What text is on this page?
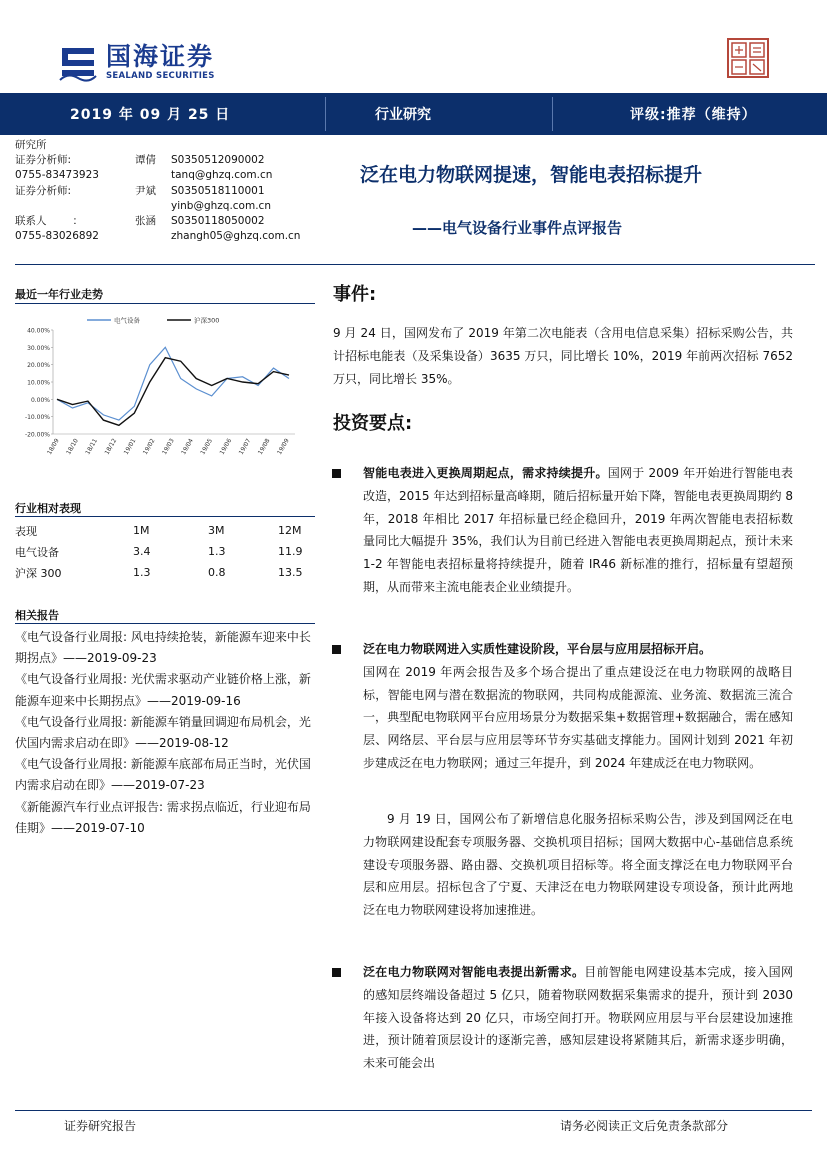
国海证券
SEALAND SECURITIES
2019 年 09 月 25 日	行业研究	评级:推荐（维持）
研究所
证券分析师:	谭倩	S0350512090002
0755-83473923	tanq@ghzq.com.cn
证券分析师:	尹斌	S0350518110001
yinb@ghzq.com.cn
联系人 ：	张涵	S0350118050002
0755-83026892	zhangh05@ghzq.com.cn
泛在电力物联网提速，智能电表招标提升
——电气设备行业事件点评报告
最近一年行业走势
40.00%
30.00%
20.00%
10.00%
0.00%
-10.00%
-20.00%
18/09 18/10 18/11 18/12 19/01 19/02 19/03 19/04 19/05 19/06 19/07 19/08 19/09
电气设备	沪深300
行业相对表现
表现	1M	3M	12M
电气设备	3.4	1.3	11.9
沪深 300	1.3	0.8	13.5
相关报告
《电气设备行业周报: 风电持续抢装，新能源车迎来中长期拐点》——2019-09-23
《电气设备行业周报: 光伏需求驱动产业链价格上涨，新能源车迎来中长期拐点》——2019-09-16
《电气设备行业周报: 新能源车销量回调迎布局机会，光伏国内需求启动在即》——2019-08-12
《电气设备行业周报: 新能源车底部布局正当时，光伏国内需求启动在即》——2019-07-23
《新能源汽车行业点评报告: 需求拐点临近，行业迎布局佳期》——2019-07-10
事件:
9 月 24 日，国网发布了 2019 年第二次电能表（含用电信息采集）招标采购公告，共计招标电能表（及采集设备）3635 万只，同比增长 10%，2019 年前两次招标 7652 万只，同比增长 35%。
投资要点:
智能电表进入更换周期起点，需求持续提升。国网于 2009 年开始进行智能电表改造，2015 年达到招标量高峰期，随后招标量开始下降，智能电表更换周期约 8 年，2018 年相比 2017 年招标量已经企稳回升，2019 年两次智能电表招标数量同比大幅提升 35%，我们认为目前已经进入智能电表更换周期起点，预计未来 1-2 年智能电表招标量将持续提升，随着 IR46 新标准的推行，招标量有望超预期，从而带来主流电能表企业业绩提升。
泛在电力物联网进入实质性建设阶段，平台层与应用层招标开启。
国网在 2019 年两会报告及多个场合提出了重点建设泛在电力物联网的战略目标，智能电网与潜在数据流的物联网，共同构成能源流、业务流、数据流三流合一，典型配电物联网平台应用场景分为数据采集+数据管理+数据融合，需在感知层、网络层、平台层与应用层等环节夯实基础支撑能力。国网计划到 2021 年初步建成泛在电力物联网；通过三年提升，到 2024 年建成泛在电力物联网。
9 月 19 日，国网公布了新增信息化服务招标采购公告，涉及到国网泛在电力物联网建设配套专项服务器、交换机项目招标；国网大数据中心-基础信息系统建设专项服务器、路由器、交换机项目招标等。将全面支撑泛在电力物联网平台层和应用层。招标包含了宁夏、天津泛在电力物联网建设专项设备，预计此两地泛在电力物联网建设将加速推进。
泛在电力物联网对智能电表提出新需求。目前智能电网建设基本完成，接入国网的感知层终端设备超过 5 亿只，随着物联网数据采集需求的提升，预计到 2030 年接入设备将达到 20 亿只，市场空间打开。物联网应用层与平台层建设加速推进，预计随着顶层设计的逐渐完善，感知层建设将紧随其后，新需求逐步明确，未来可能会出
证券研究报告	请务必阅读正文后免责条款部分
